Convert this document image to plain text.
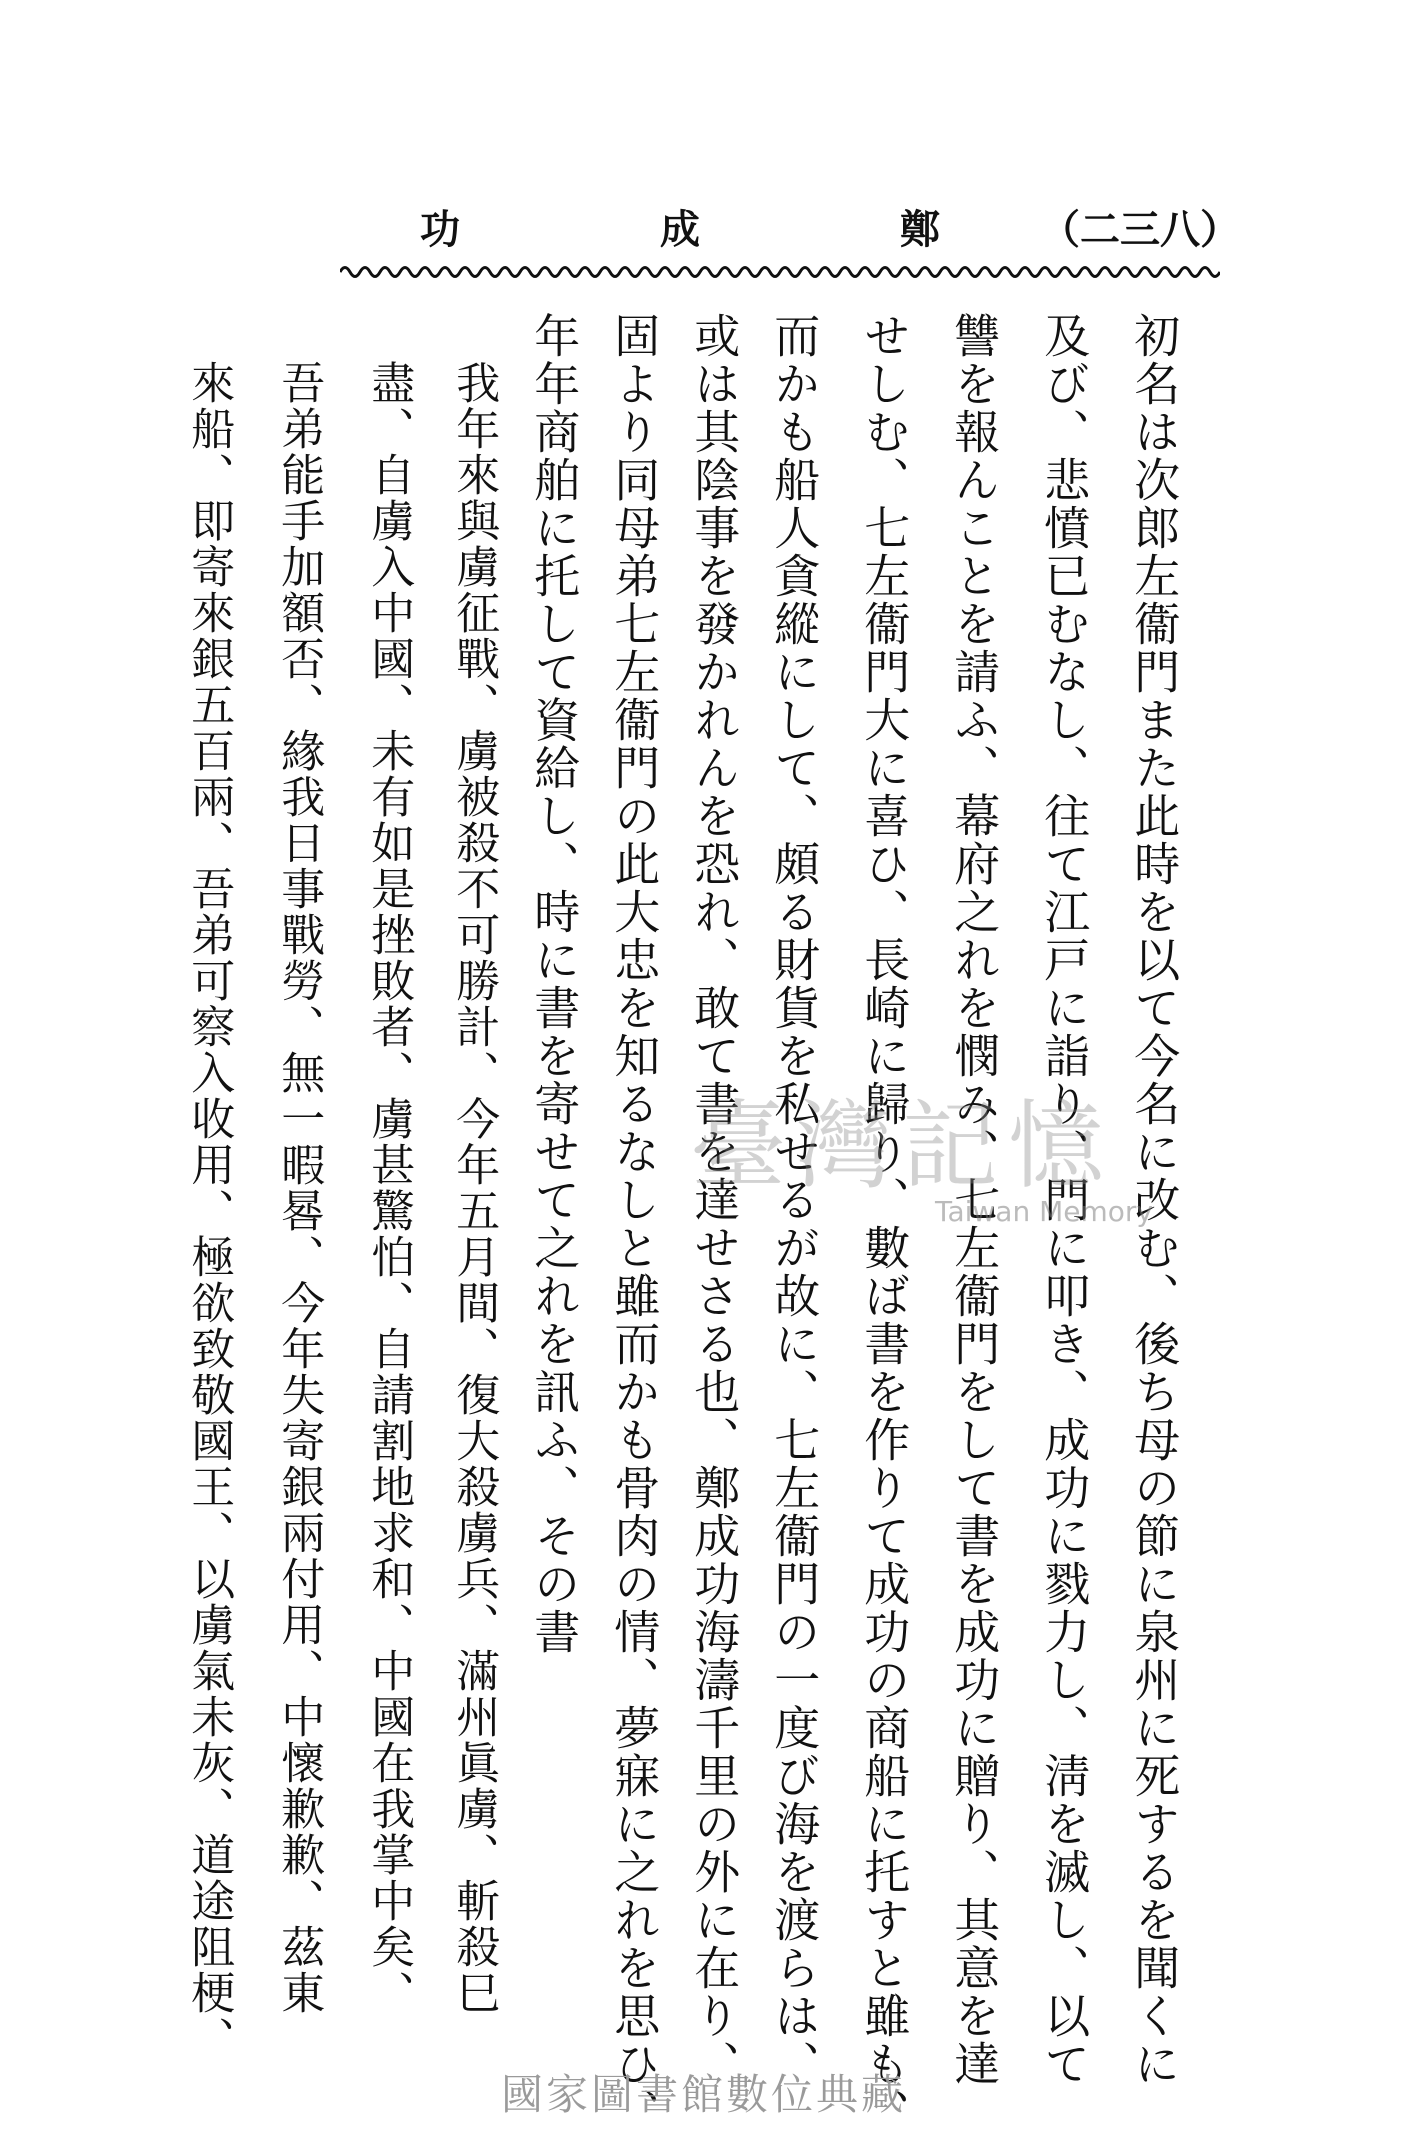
功	成	鄭 （二三八）
初名は次郎左衞門また此時を以て今名に改む、後ち母の節に泉州に死するを聞くに
及び、悲憤已むなし、往て江戸に詣り、門に叩き、成功に戮力し、淸を滅し、以て
讐を報んことを請ふ、幕府之れを憫み、七左衞門をして書を成功に贈り、其意を達
せしむ、七左衞門大に喜ひ、長崎に歸り、數ば書を作りて成功の商船に托すと雖も、
而かも船人貪縱にして、頗る財貨を私せるが故に、七左衞門の一度び海を渡らは、
或は其陰事を發かれんを恐れ、敢て書を達せさる也、鄭成功海濤千里の外に在り、
固より同母弟七左衞門の此大忠を知るなしと雖而かも骨肉の情、夢寐に之れを思ひ、
年年商舶に托して資給し、時に書を寄せて之れを訊ふ、その書
我年來與虜征戰、虜被殺不可勝計、今年五月間、復大殺虜兵、滿州眞虜、斬殺巳
盡、自虜入中國、未有如是挫敗者、虜甚驚怕、自請割地求和、中國在我掌中矣、
吾弟能手加額否、緣我日事戰勞、無一暇晷、今年失寄銀兩付用、中懷歉歉、茲東
來船、即寄來銀五百兩、吾弟可察入收用、極欲致敬國王、以虜氣未灰、道途阻梗、	臺灣記憶
Taiwan Memory
國家圖書館數位典藏
